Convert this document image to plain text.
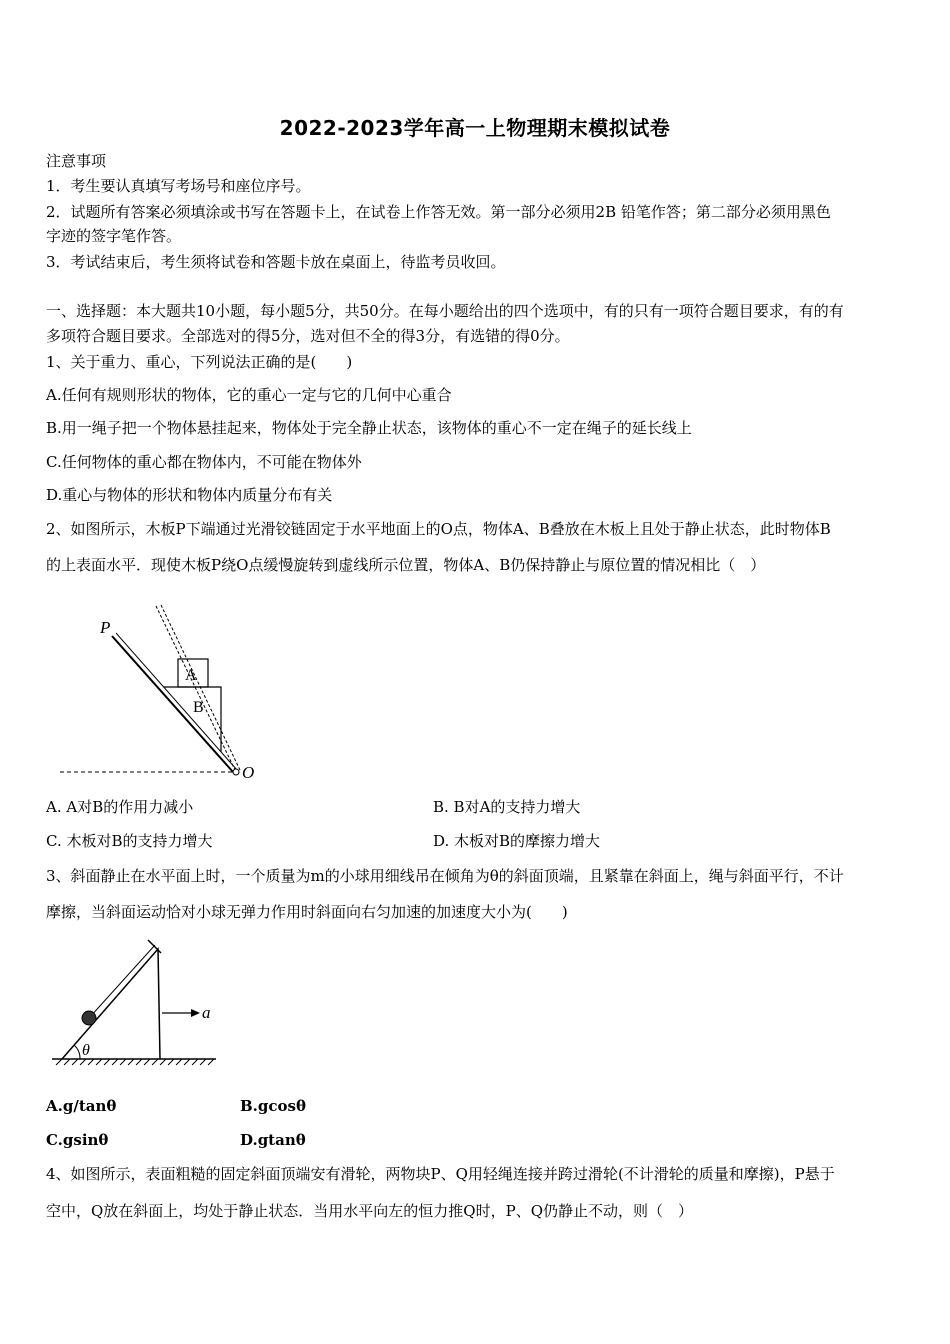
2022-2023学年高一上物理期末模拟试卷
注意事项
1．考生要认真填写考场号和座位序号。
2．试题所有答案必须填涂或书写在答题卡上，在试卷上作答无效。第一部分必须用2B 铅笔作答；第二部分必须用黑色
字迹的签字笔作答。
3．考试结束后，考生须将试卷和答题卡放在桌面上，待监考员收回。
一、选择题：本大题共10小题，每小题5分，共50分。在每小题给出的四个选项中，有的只有一项符合题目要求，有的有
多项符合题目要求。全部选对的得5分，选对但不全的得3分，有选错的得0分。
1、关于重力、重心，下列说法正确的是(　　)
A.任何有规则形状的物体，它的重心一定与它的几何中心重合
B.用一绳子把一个物体悬挂起来，物体处于完全静止状态，该物体的重心不一定在绳子的延长线上
C.任何物体的重心都在物体内，不可能在物体外
D.重心与物体的形状和物体内质量分布有关
2、如图所示，木板P下端通过光滑铰链固定于水平地面上的O点，物体A、B叠放在木板上且处于静止状态，此时物体B
的上表面水平．现使木板P绕O点缓慢旋转到虚线所示位置，物体A、B仍保持静止与原位置的情况相比（　）
P
A
B
O
A. A对B的作用力减小	B. B对A的支持力增大
C. 木板对B的支持力增大	D. 木板对B的摩擦力增大
3、斜面静止在水平面上时，一个质量为m的小球用细线吊在倾角为θ的斜面顶端，且紧靠在斜面上，绳与斜面平行，不计
摩擦，当斜面运动恰对小球无弹力作用时斜面向右匀加速的加速度大小为(　　)
θ
a
A.g/tanθ	B.gcosθ
C.gsinθ	D.gtanθ
4、如图所示，表面粗糙的固定斜面顶端安有滑轮，两物块P、Q用轻绳连接并跨过滑轮(不计滑轮的质量和摩擦)，P悬于
空中，Q放在斜面上，均处于静止状态．当用水平向左的恒力推Q时，P、Q仍静止不动，则（　）
